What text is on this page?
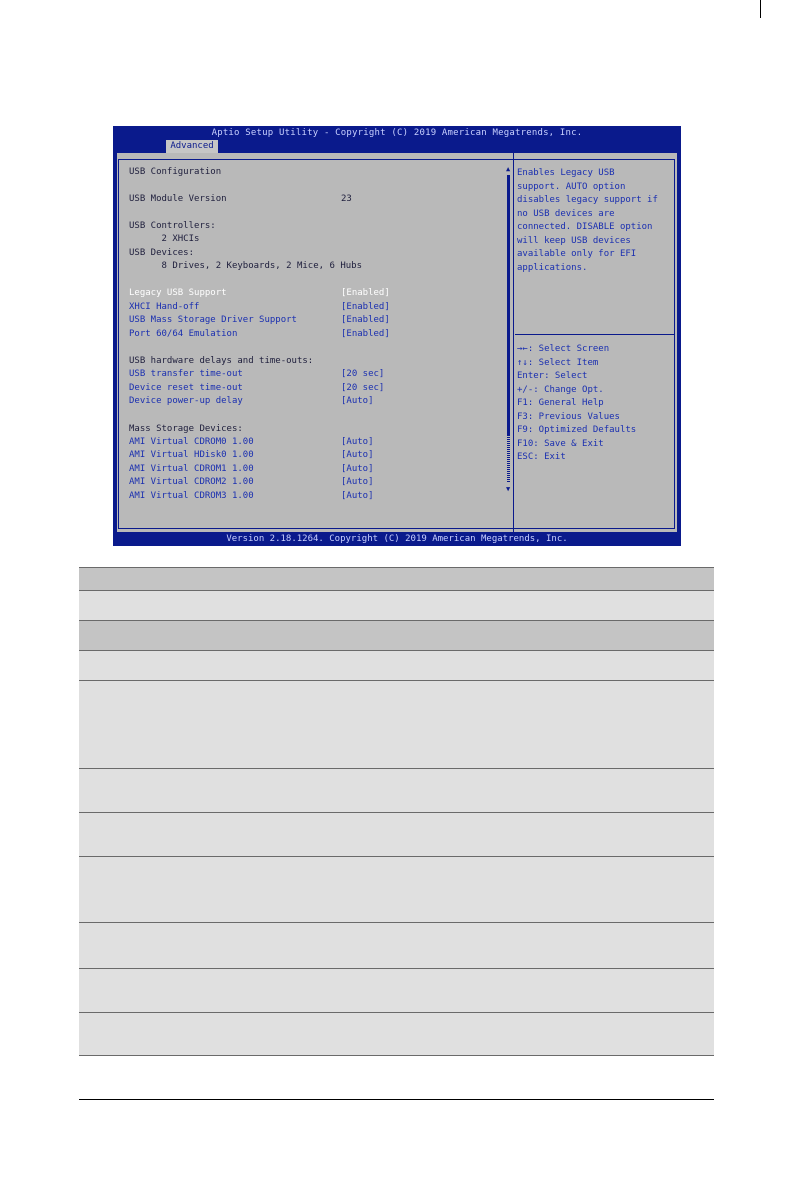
Aptio Setup Utility - Copyright (C) 2019 American Megatrends, Inc.
Advanced
USB Configuration
USB Module Version	23
USB Controllers:
2 XHCIs
USB Devices:
8 Drives, 2 Keyboards, 2 Mice, 6 Hubs
Legacy USB Support	[Enabled]
XHCI Hand-off	[Enabled]
USB Mass Storage Driver Support	[Enabled]
Port 60/64 Emulation	[Enabled]
USB hardware delays and time-outs:
USB transfer time-out	[20 sec]
Device reset time-out	[20 sec]
Device power-up delay	[Auto]
Mass Storage Devices:
AMI Virtual CDROM0 1.00	[Auto]
AMI Virtual HDisk0 1.00	[Auto]
AMI Virtual CDROM1 1.00	[Auto]
AMI Virtual CDROM2 1.00	[Auto]
AMI Virtual CDROM3 1.00	[Auto]
▲
▼
Enables Legacy USB
support. AUTO option
disables legacy support if
no USB devices are
connected. DISABLE option
will keep USB devices
available only for EFI
applications.
→←: Select Screen
↑↓: Select Item
Enter: Select
+/-: Change Opt.
F1: General Help
F3: Previous Values
F9: Optimized Defaults
F10: Save & Exit
ESC: Exit
Version 2.18.1264. Copyright (C) 2019 American Megatrends, Inc.
